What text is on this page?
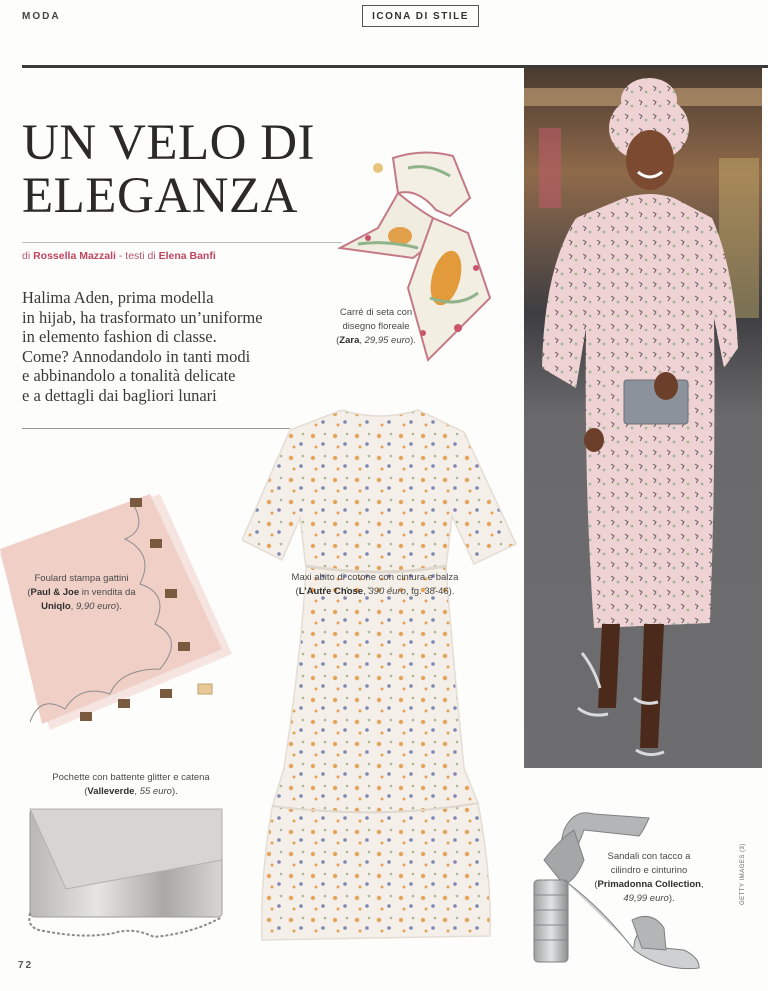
MODA	ICONA DI STILE
UN VELO DI
ELEGANZA
di Rossella Mazzali - testi di Elena Banfi
Halima Aden, prima modella
in hijab, ha trasformato un’uniforme
in elemento fashion di classe.
Come? Annodandolo in tanti modi
e abbinandolo a tonalità delicate
e a dettagli dai bagliori lunari
Carré di seta con
disegno floreale
(Zara, 29,95 euro).
Foulard stampa gattini
(Paul & Joe in vendita da
Uniqlo, 9,90 euro).
Maxi abito di cotone con cintura e balza
(L’Autre Chose, 390 euro, tg. 38-46).
Pochette con battente glitter e catena
(Valleverde, 55 euro).
Sandali con tacco a
cilindro e cinturino
(Primadonna Collection,
49,99 euro).	GETTY IMAGES (3)
72
